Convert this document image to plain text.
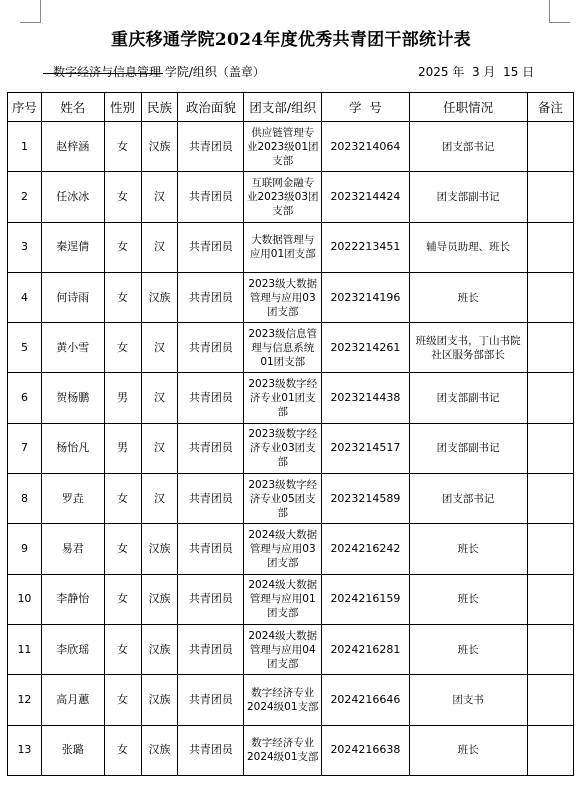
重庆移通学院2024年度优秀共青团干部统计表
数字经济与信息管理 学院/组织（盖章）	2025 年  3 月  15 日
序号	姓名	性别	民族	政治面貌	团支部/组织	学  号	任职情况	备注
1	赵梓涵	女	汉族	共青团员	供应链管理专业2023级01团支部	2023214064	团支部书记	
2	任冰冰	女	汉	共青团员	互联网金融专业2023级03团支部	2023214424	团支部副书记	
3	秦逞倩	女	汉	共青团员	大数据管理与应用01团支部	2022213451	辅导员助理、班长	
4	何诗雨	女	汉族	共青团员	2023级大数据管理与应用03团支部	2023214196	班长	
5	黄小雪	女	汉	共青团员	2023级信息管理与信息系统01团支部	2023214261	班级团支书，丁山书院社区服务部部长	
6	贺杨鹏	男	汉	共青团员	2023级数字经济专业01团支部	2023214438	团支部副书记	
7	杨怡凡	男	汉	共青团员	2023级数字经济专业03团支部	2023214517	团支部副书记	
8	罗垚	女	汉	共青团员	2023级数字经济专业05团支部	2023214589	团支部书记	
9	易君	女	汉族	共青团员	2024级大数据管理与应用03团支部	2024216242	班长	
10	李静怡	女	汉族	共青团员	2024级大数据管理与应用01团支部	2024216159	班长	
11	李欣瑶	女	汉族	共青团员	2024级大数据管理与应用04团支部	2024216281	班长	
12	高月蕙	女	汉族	共青团员	数字经济专业2024级01支部	2024216646	团支书	
13	张璐	女	汉族	共青团员	数字经济专业2024级01支部	2024216638	班长	
